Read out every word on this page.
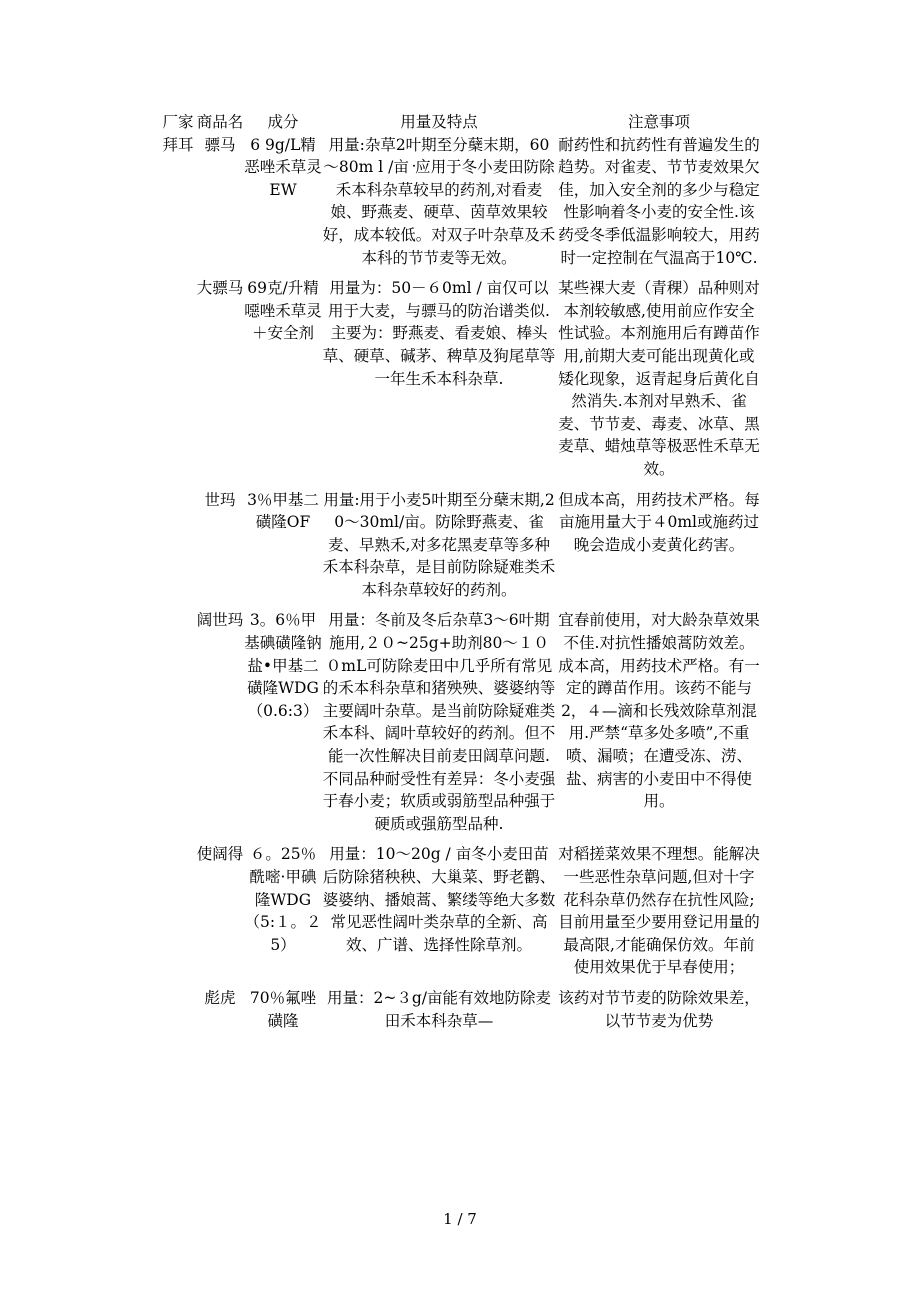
厂家	商品名	成分	用量及特点	注意事项
拜耳	骠马	6 9g/L精恶唑禾草灵EW	用量:杂草2叶期至分蘖末期，60～80m l /亩᠂应用于冬小麦田防除禾本科杂草较早的药剂,对看麦娘、野燕麦、硬草、茵草效果较好，成本较低。对双子叶杂草及禾本科的节节麦等无效。	耐药性和抗药性有普遍发生的趋势。对雀麦、节节麦效果欠佳，加入安全剂的多少与稳定性影响着冬小麦的安全性.该药受冬季低温影响较大，用药时一定控制在气温高于10℃.
	大骠马	69克/升精噁唑禾草灵＋安全剂	用量为：50－６0ml / 亩仅可以用于大麦，与骠马的防治谱类似.主要为：野燕麦、看麦娘、棒头草、硬草、碱茅、稗草及狗尾草等一年生禾本科杂草.	某些裸大麦（青稞）品种则对本剂较敏感,使用前应作安全性试验。本剂施用后有蹲苗作用,前期大麦可能出现黄化或矮化现象，返青起身后黄化自然消失.本剂对早熟禾、雀麦、节节麦、毒麦、冰草、黑麦草、蜡烛草等极恶性禾草无效。
	世玛	3％甲基二磺隆OF	用量:用于小麦5叶期至分蘖末期,20～30ml/亩。防除野燕麦、雀麦、早熟禾,对多花黑麦草等多种禾本科杂草，是目前防除疑难类禾本科杂草较好的药剂。	但成本高，用药技术严格。每亩施用量大于４0ml或施药过晚会造成小麦黄化药害。
	阔世玛	3。6％甲基碘磺隆钠盐•甲基二磺隆WDG（0.6:3）	用量：冬前及冬后杂草3～6叶期施用,２０~25g+助剂80～１００mL可防除麦田中几乎所有常见的禾本科杂草和猪殃殃、婆婆纳等主要阔叶杂草。是当前防除疑难类禾本科、阔叶草较好的药剂。但不能一次性解决目前麦田阔草问题.不同品种耐受性有差异：冬小麦强于春小麦；软质或弱筋型品种强于硬质或强筋型品种.	宜春前使用，对大龄杂草效果不佳.对抗性播娘蒿防效差。成本高，用药技术严格。有一定的蹲苗作用。该药不能与2，４—滴和长残效除草剂混用.严禁“草多处多喷”,不重喷、漏喷；在遭受冻、涝、盐、病害的小麦田中不得使用。
	使阔得	６。25％酰嘧·甲碘隆WDG（5:１。２5）	用量：10～20g / 亩冬小麦田苗后防除猪秧秧、大巢菜、野老鹳、婆婆纳、播娘蒿、繁缕等绝大多数常见恶性阔叶类杂草的全新、高效、广谱、选择性除草剂。	对稻搓菜效果不理想。能解决一些恶性杂草问题,但对十字花科杂草仍然存在抗性风险;目前用量至少要用登记用量的最高限,才能确保仿效。年前使用效果优于早春使用；
	彪虎	70％氟唑磺隆	用量：2~３g/亩能有效地防除麦田禾本科杂草—	该药对节节麦的防除效果差，以节节麦为优势
1 / 7
